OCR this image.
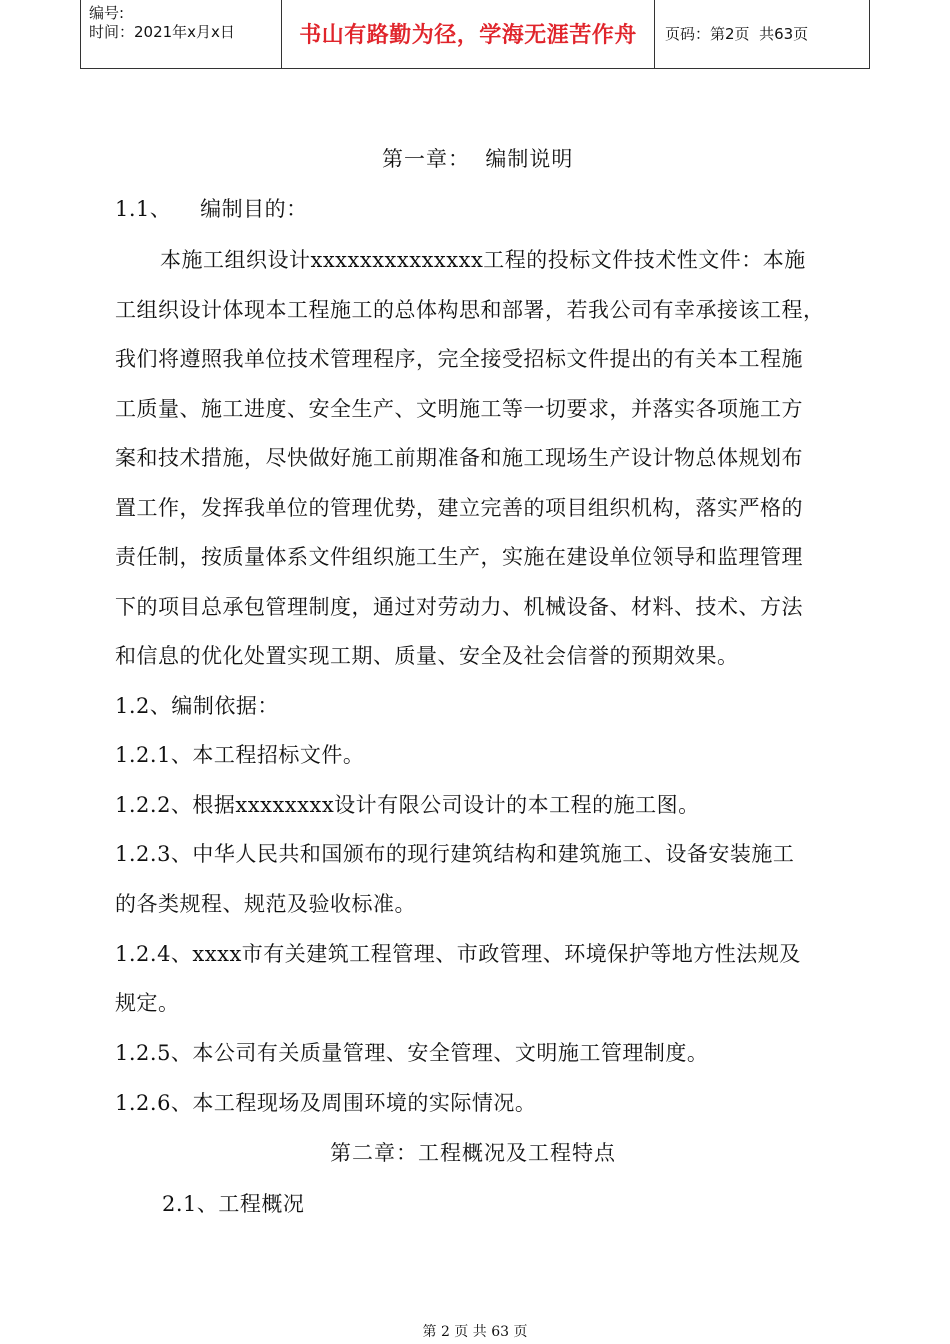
编号:
时间：2021年x月x日	书山有路勤为径，学海无涯苦作舟 页码：第2页  共63页
第一章：  编制说明
1.1、    编制目的：
本施工组织设计xxxxxxxxxxxxxx工程的投标文件技术性文件：本施
工组织设计体现本工程施工的总体构思和部署，若我公司有幸承接该工程，
我们将遵照我单位技术管理程序，完全接受招标文件提出的有关本工程施
工质量、施工进度、安全生产、文明施工等一切要求，并落实各项施工方
案和技术措施，尽快做好施工前期准备和施工现场生产设计物总体规划布
置工作，发挥我单位的管理优势，建立完善的项目组织机构，落实严格的
责任制，按质量体系文件组织施工生产，实施在建设单位领导和监理管理
下的项目总承包管理制度，通过对劳动力、机械设备、材料、技术、方法
和信息的优化处置实现工期、质量、安全及社会信誉的预期效果。
1.2、编制依据：
1.2.1、本工程招标文件。
1.2.2、根据xxxxxxxx设计有限公司设计的本工程的施工图。
1.2.3、中华人民共和国颁布的现行建筑结构和建筑施工、设备安装施工
的各类规程、规范及验收标准。
1.2.4、xxxx市有关建筑工程管理、市政管理、环境保护等地方性法规及
规定。
1.2.5、本公司有关质量管理、安全管理、文明施工管理制度。
1.2.6、本工程现场及周围环境的实际情况。
第二章：工程概况及工程特点
2.1、工程概况
第 2 页 共 63 页
